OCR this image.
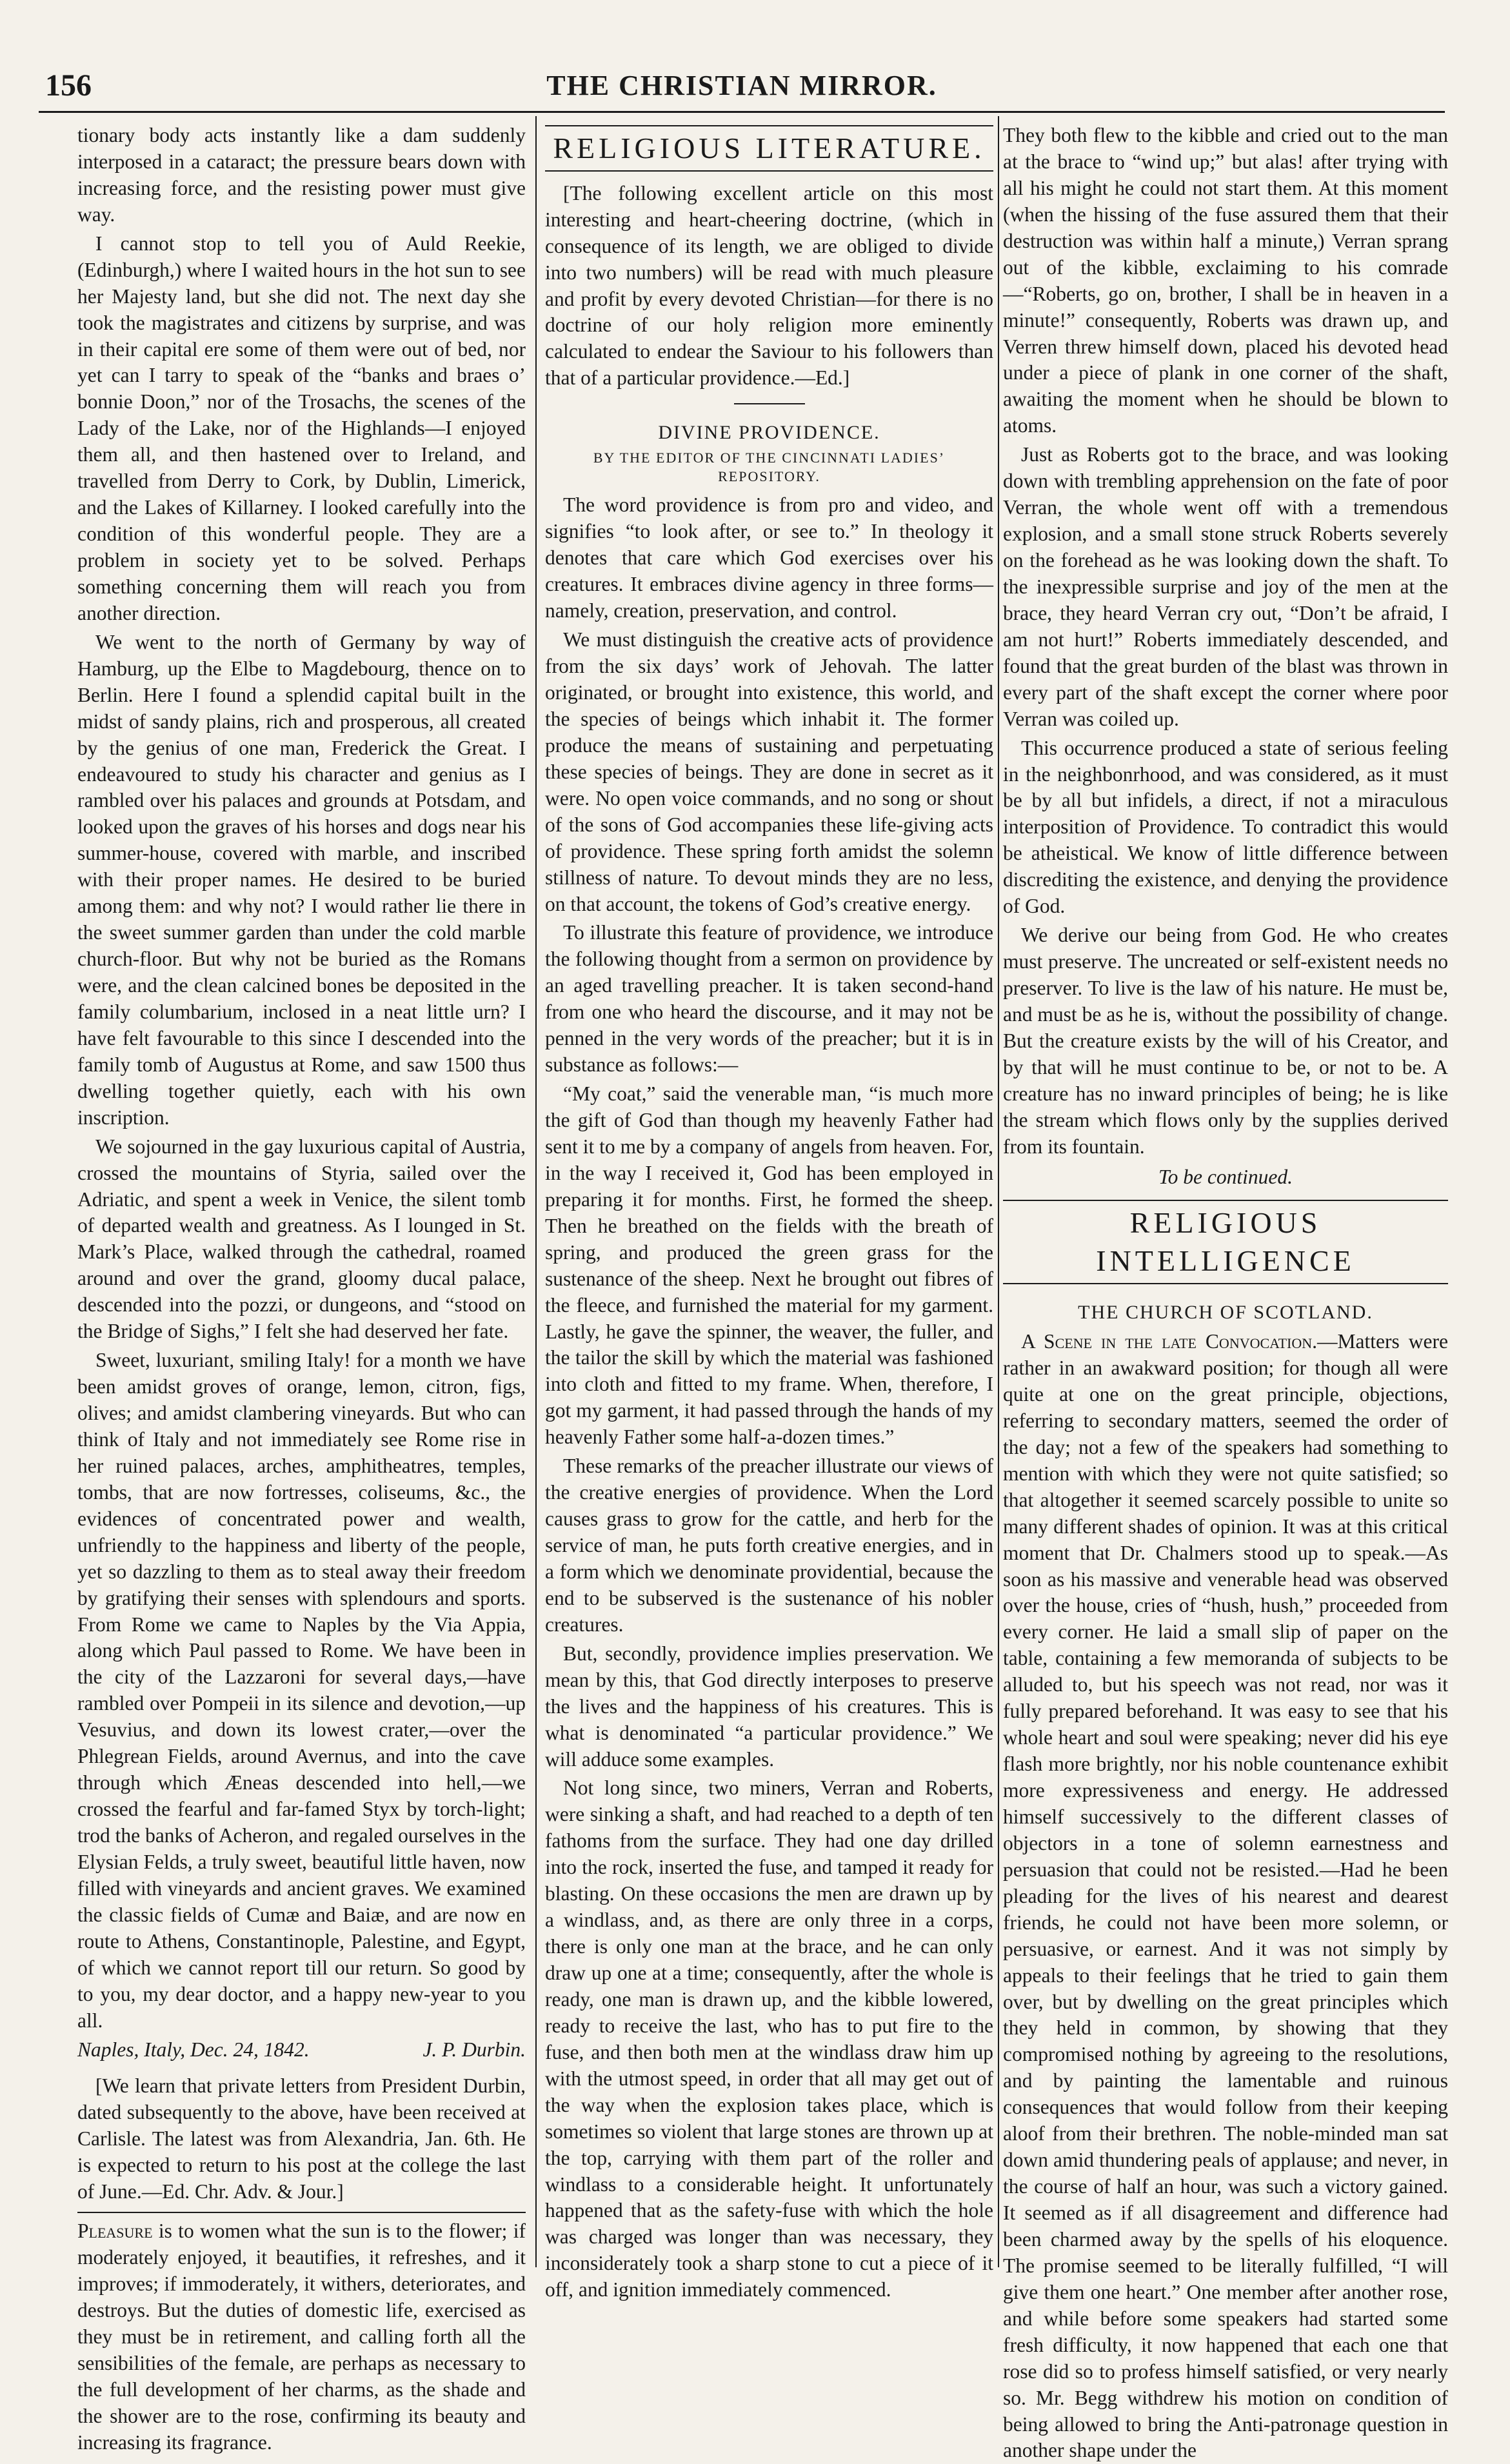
156	THE CHRISTIAN MIRROR.

tionary body acts instantly like a dam suddenly interposed in a cataract; the pressure bears down with increasing force, and the resisting power must give way.

I cannot stop to tell you of Auld Reekie, (Edinburgh,) where I waited hours in the hot sun to see her Majesty land, but she did not. The next day she took the magistrates and citizens by surprise, and was in their capital ere some of them were out of bed, nor yet can I tarry to speak of the “banks and braes o’ bonnie Doon,” nor of the Trosachs, the scenes of the Lady of the Lake, nor of the Highlands—I enjoyed them all, and then hastened over to Ireland, and travelled from Derry to Cork, by Dublin, Limerick, and the Lakes of Killarney. I looked carefully into the condition of this wonderful people. They are a problem in society yet to be solved. Perhaps something concerning them will reach you from another direction.

We went to the north of Germany by way of Hamburg, up the Elbe to Magdebourg, thence on to Berlin. Here I found a splendid capital built in the midst of sandy plains, rich and prosperous, all created by the genius of one man, Frederick the Great. I endeavoured to study his character and genius as I rambled over his palaces and grounds at Potsdam, and looked upon the graves of his horses and dogs near his summer-house, covered with marble, and inscribed with their proper names. He desired to be buried among them: and why not? I would rather lie there in the sweet summer garden than under the cold marble church-floor. But why not be buried as the Romans were, and the clean calcined bones be deposited in the family columbarium, inclosed in a neat little urn? I have felt favourable to this since I descended into the family tomb of Augustus at Rome, and saw 1500 thus dwelling together quietly, each with his own inscription.

We sojourned in the gay luxurious capital of Austria, crossed the mountains of Styria, sailed over the Adriatic, and spent a week in Venice, the silent tomb of departed wealth and greatness. As I lounged in St. Mark’s Place, walked through the cathedral, roamed around and over the grand, gloomy ducal palace, descended into the pozzi, or dungeons, and “stood on the Bridge of Sighs,” I felt she had deserved her fate.

Sweet, luxuriant, smiling Italy! for a month we have been amidst groves of orange, lemon, citron, figs, olives; and amidst clambering vineyards. But who can think of Italy and not immediately see Rome rise in her ruined palaces, arches, amphitheatres, temples, tombs, that are now fortresses, coliseums, &c., the evidences of concentrated power and wealth, unfriendly to the happiness and liberty of the people, yet so dazzling to them as to steal away their freedom by gratifying their senses with splendours and sports. From Rome we came to Naples by the Via Appia, along which Paul passed to Rome. We have been in the city of the Lazzaroni for several days,—have rambled over Pompeii in its silence and devotion,—up Vesuvius, and down its lowest crater,—over the Phlegrean Fields, around Avernus, and into the cave through which Æneas descended into hell,—we crossed the fearful and far-famed Styx by torch-light; trod the banks of Acheron, and regaled ourselves in the Elysian Felds, a truly sweet, beautiful little haven, now filled with vineyards and ancient graves. We examined the classic fields of Cumæ and Baiæ, and are now en route to Athens, Constantinople, Palestine, and Egypt, of which we cannot report till our return. So good by to you, my dear doctor, and a happy new-year to you all.

Naples, Italy, Dec. 24, 1842.	J. P. Durbin.

[We learn that private letters from President Durbin, dated subsequently to the above, have been received at Carlisle. The latest was from Alexandria, Jan. 6th. He is expected to return to his post at the college the last of June.—Ed. Chr. Adv. & Jour.]

Pleasure is to women what the sun is to the flower; if moderately enjoyed, it beautifies, it refreshes, and it improves; if immoderately, it withers, deteriorates, and destroys. But the duties of domestic life, exercised as they must be in retirement, and calling forth all the sensibilities of the female, are perhaps as necessary to the full development of her charms, as the shade and the shower are to the rose, confirming its beauty and increasing its fragrance.

RELIGIOUS LITERATURE.

[The following excellent article on this most interesting and heart-cheering doctrine, (which in consequence of its length, we are obliged to divide into two numbers) will be read with much pleasure and profit by every devoted Christian—for there is no doctrine of our holy religion more eminently calculated to endear the Saviour to his followers than that of a particular providence.—Ed.]

DIVINE PROVIDENCE.
BY THE EDITOR OF THE CINCINNATI LADIES’ REPOSITORY.

The word providence is from pro and video, and signifies “to look after, or see to.” In theology it denotes that care which God exercises over his creatures. It embraces divine agency in three forms—namely, creation, preservation, and control.

We must distinguish the creative acts of providence from the six days’ work of Jehovah. The latter originated, or brought into existence, this world, and the species of beings which inhabit it. The former produce the means of sustaining and perpetuating these species of beings. They are done in secret as it were. No open voice commands, and no song or shout of the sons of God accompanies these life-giving acts of providence. These spring forth amidst the solemn stillness of nature. To devout minds they are no less, on that account, the tokens of God’s creative energy.

To illustrate this feature of providence, we introduce the following thought from a sermon on providence by an aged travelling preacher. It is taken second-hand from one who heard the discourse, and it may not be penned in the very words of the preacher; but it is in substance as follows:—

“My coat,” said the venerable man, “is much more the gift of God than though my heavenly Father had sent it to me by a company of angels from heaven. For, in the way I received it, God has been employed in preparing it for months. First, he formed the sheep. Then he breathed on the fields with the breath of spring, and produced the green grass for the sustenance of the sheep. Next he brought out fibres of the fleece, and furnished the material for my garment. Lastly, he gave the spinner, the weaver, the fuller, and the tailor the skill by which the material was fashioned into cloth and fitted to my frame. When, therefore, I got my garment, it had passed through the hands of my heavenly Father some half-a-dozen times.”

These remarks of the preacher illustrate our views of the creative energies of providence. When the Lord causes grass to grow for the cattle, and herb for the service of man, he puts forth creative energies, and in a form which we denominate providential, because the end to be subserved is the sustenance of his nobler creatures.

But, secondly, providence implies preservation. We mean by this, that God directly interposes to preserve the lives and the happiness of his creatures. This is what is denominated “a particular providence.” We will adduce some examples.

Not long since, two miners, Verran and Roberts, were sinking a shaft, and had reached to a depth of ten fathoms from the surface. They had one day drilled into the rock, inserted the fuse, and tamped it ready for blasting. On these occasions the men are drawn up by a windlass, and, as there are only three in a corps, there is only one man at the brace, and he can only draw up one at a time; consequently, after the whole is ready, one man is drawn up, and the kibble lowered, ready to receive the last, who has to put fire to the fuse, and then both men at the windlass draw him up with the utmost speed, in order that all may get out of the way when the explosion takes place, which is sometimes so violent that large stones are thrown up at the top, carrying with them part of the roller and windlass to a considerable height. It unfortunately happened that as the safety-fuse with which the hole was charged was longer than was necessary, they inconsiderately took a sharp stone to cut a piece of it off, and ignition immediately commenced.

They both flew to the kibble and cried out to the man at the brace to “wind up;” but alas! after trying with all his might he could not start them. At this moment (when the hissing of the fuse assured them that their destruction was within half a minute,) Verran sprang out of the kibble, exclaiming to his comrade—“Roberts, go on, brother, I shall be in heaven in a minute!” consequently, Roberts was drawn up, and Verren threw himself down, placed his devoted head under a piece of plank in one corner of the shaft, awaiting the moment when he should be blown to atoms.

Just as Roberts got to the brace, and was looking down with trembling apprehension on the fate of poor Verran, the whole went off with a tremendous explosion, and a small stone struck Roberts severely on the forehead as he was looking down the shaft. To the inexpressible surprise and joy of the men at the brace, they heard Verran cry out, “Don’t be afraid, I am not hurt!” Roberts immediately descended, and found that the great burden of the blast was thrown in every part of the shaft except the corner where poor Verran was coiled up.

This occurrence produced a state of serious feeling in the neighbonrhood, and was considered, as it must be by all but infidels, a direct, if not a miraculous interposition of Providence. To contradict this would be atheistical. We know of little difference between discrediting the existence, and denying the providence of God.

We derive our being from God. He who creates must preserve. The uncreated or self-existent needs no preserver. To live is the law of his nature. He must be, and must be as he is, without the possibility of change. But the creature exists by the will of his Creator, and by that will he must continue to be, or not to be. A creature has no inward principles of being; he is like the stream which flows only by the supplies derived from its fountain.

To be continued.
RELIGIOUS INTELLIGENCE
THE CHURCH OF SCOTLAND.

A Scene in the late Convocation.—Matters were rather in an awakward position; for though all were quite at one on the great principle, objections, referring to secondary matters, seemed the order of the day; not a few of the speakers had something to mention with which they were not quite satisfied; so that altogether it seemed scarcely possible to unite so many different shades of opinion. It was at this critical moment that Dr. Chalmers stood up to speak.—As soon as his massive and venerable head was observed over the house, cries of “hush, hush,” proceeded from every corner. He laid a small slip of paper on the table, containing a few memoranda of subjects to be alluded to, but his speech was not read, nor was it fully prepared beforehand. It was easy to see that his whole heart and soul were speaking; never did his eye flash more brightly, nor his noble countenance exhibit more expressiveness and energy. He addressed himself successively to the different classes of objectors in a tone of solemn earnestness and persuasion that could not be resisted.—Had he been pleading for the lives of his nearest and dearest friends, he could not have been more solemn, or persuasive, or earnest. And it was not simply by appeals to their feelings that he tried to gain them over, but by dwelling on the great principles which they held in common, by showing that they compromised nothing by agreeing to the resolutions, and by painting the lamentable and ruinous consequences that would follow from their keeping aloof from their brethren. The noble-minded man sat down amid thundering peals of applause; and never, in the course of half an hour, was such a victory gained. It seemed as if all disagreement and difference had been charmed away by the spells of his eloquence. The promise seemed to be literally fulfilled, “I will give them one heart.” One member after another rose, and while before some speakers had started some fresh difficulty, it now happened that each one that rose did so to profess himself satisfied, or very nearly so. Mr. Begg withdrew his motion on condition of being allowed to bring the Anti-patronage question in another shape under the
